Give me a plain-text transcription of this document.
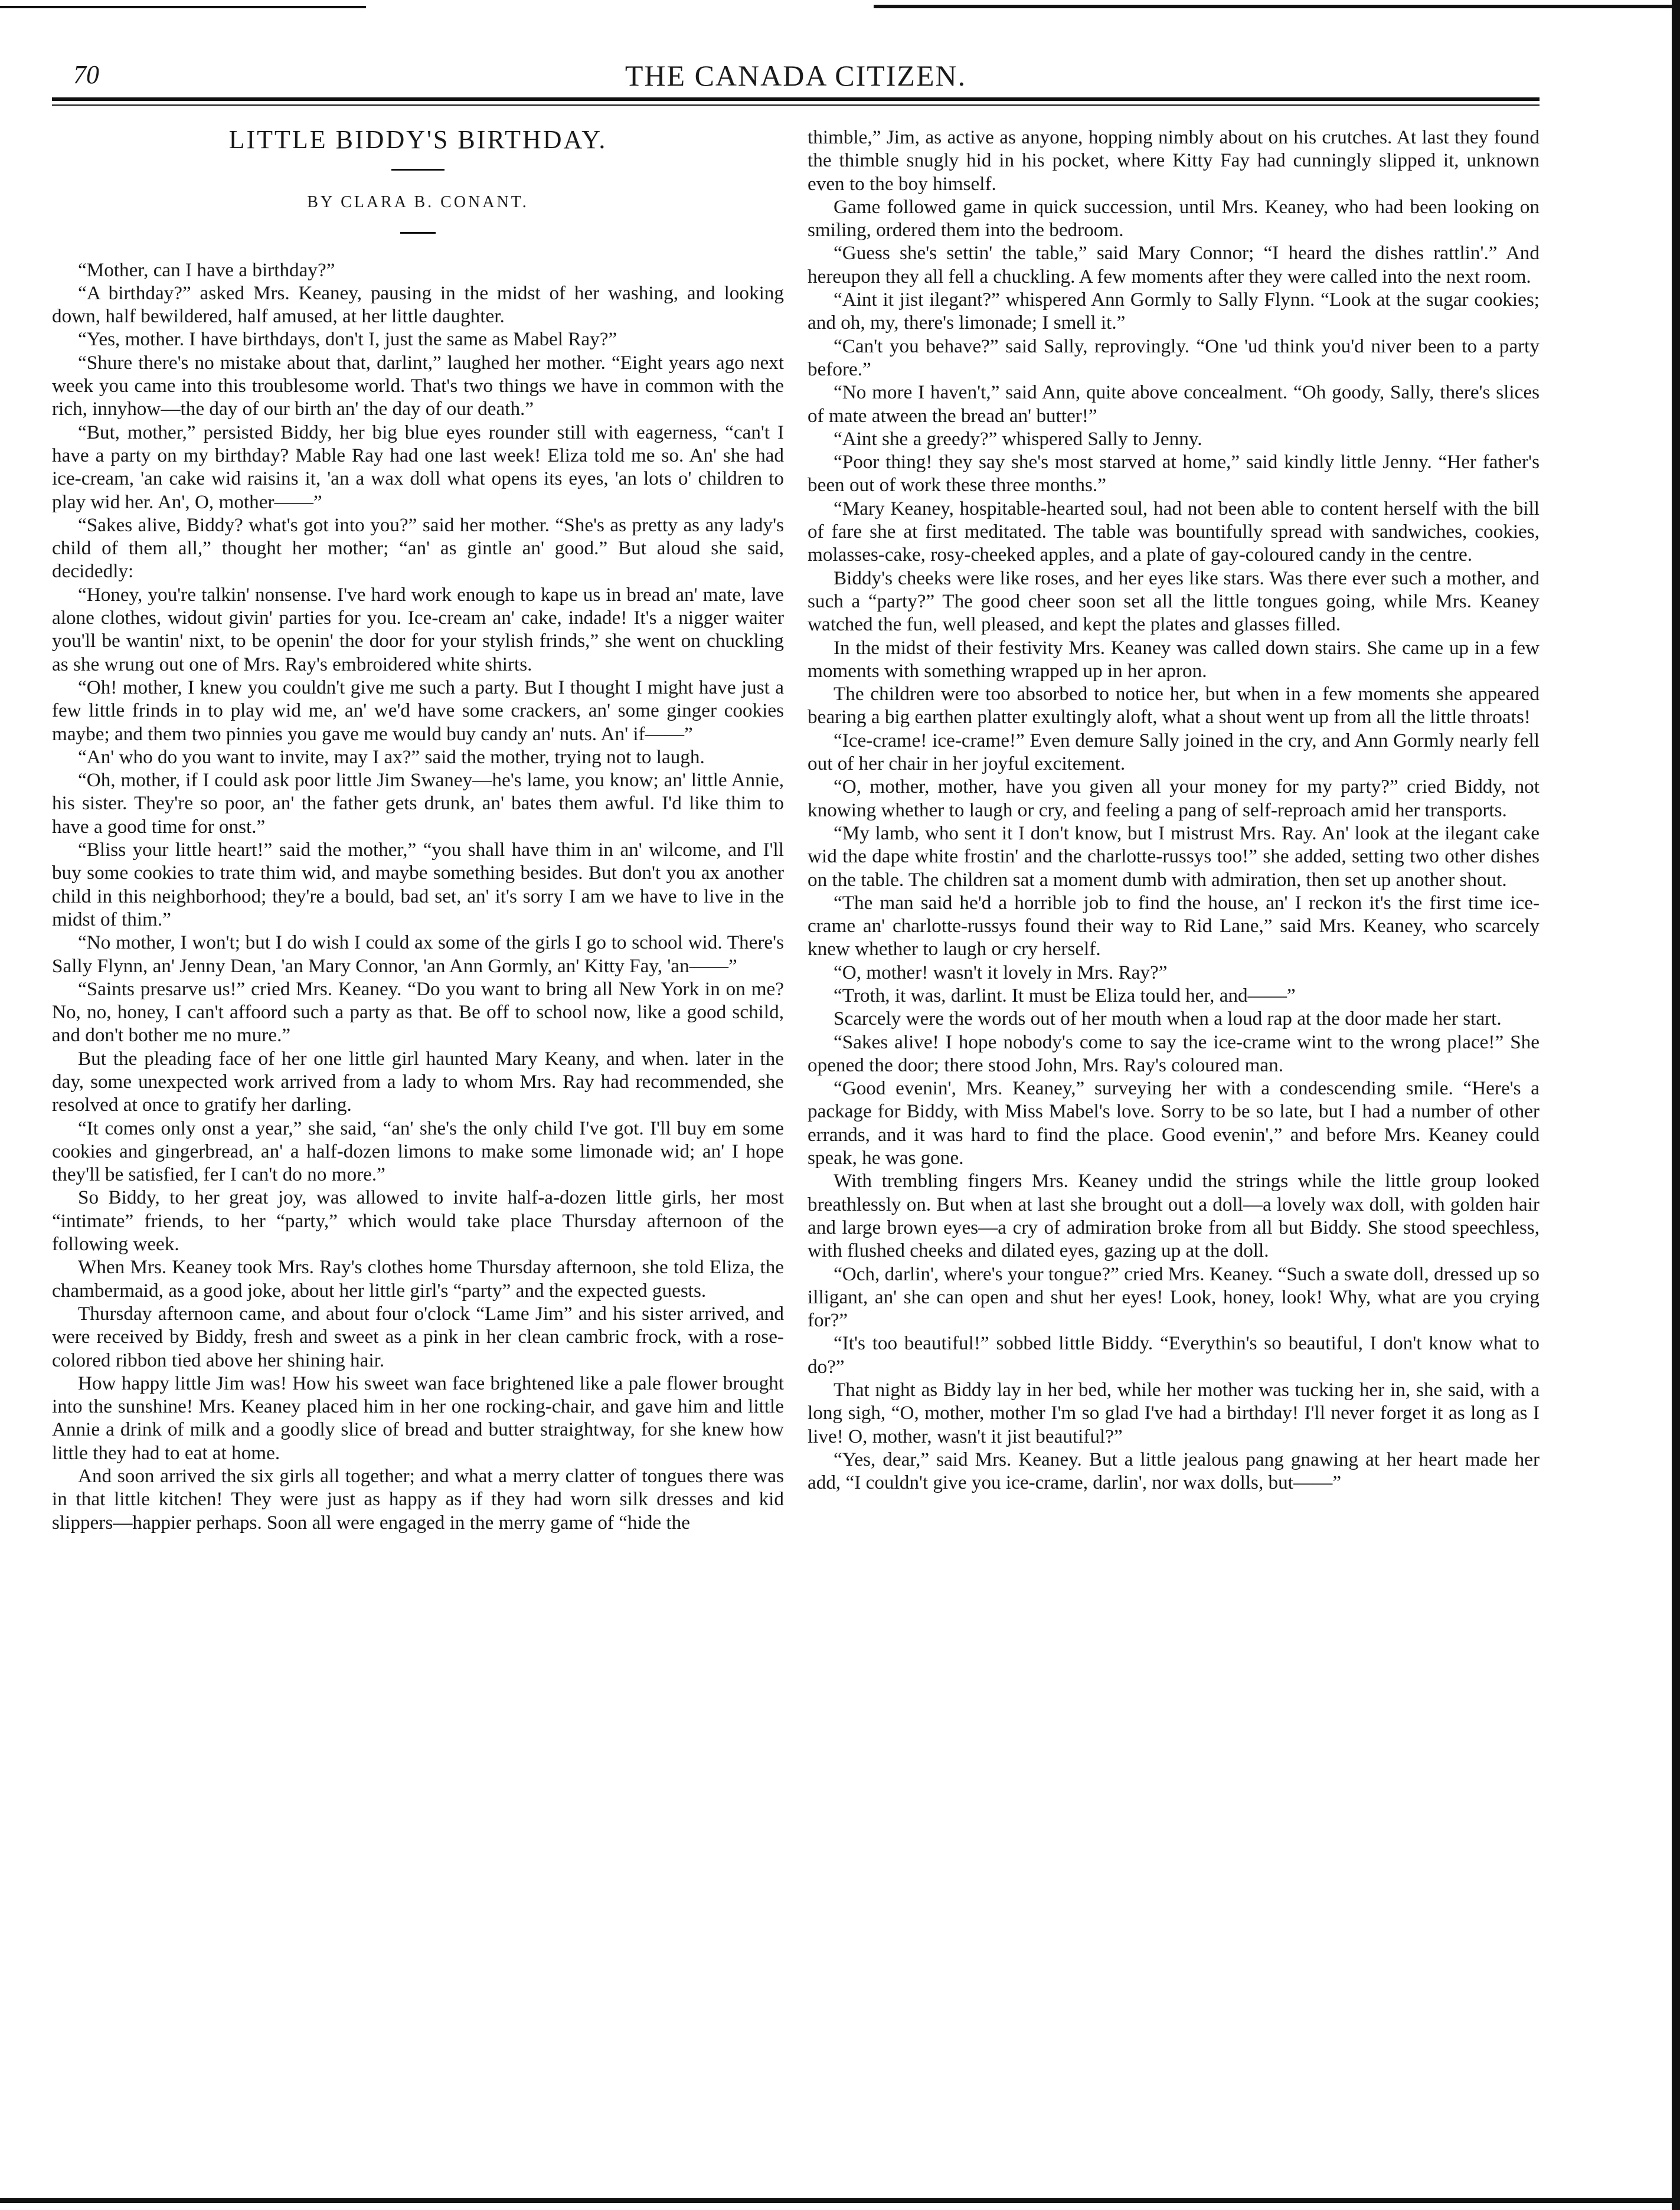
70	THE CANADA CITIZEN.
LITTLE BIDDY'S BIRTHDAY.
BY CLARA B. CONANT.

“Mother, can I have a birthday?”

“A birthday?” asked Mrs. Keaney, pausing in the midst of her washing, and looking down, half bewildered, half amused, at her little daughter.

“Yes, mother. I have birthdays, don't I, just the same as Mabel Ray?”

“Shure there's no mistake about that, darlint,” laughed her mother. “Eight years ago next week you came into this troublesome world. That's two things we have in common with the rich, innyhow—the day of our birth an' the day of our death.”

“But, mother,” persisted Biddy, her big blue eyes rounder still with eagerness, “can't I have a party on my birthday? Mable Ray had one last week! Eliza told me so. An' she had ice-cream, 'an cake wid raisins it, 'an a wax doll what opens its eyes, 'an lots o' children to play wid her. An', O, mother——”

“Sakes alive, Biddy? what's got into you?” said her mother. “She's as pretty as any lady's child of them all,” thought her mother; “an' as gintle an' good.” But aloud she said, decidedly:

“Honey, you're talkin' nonsense. I've hard work enough to kape us in bread an' mate, lave alone clothes, widout givin' parties for you. Ice-cream an' cake, indade! It's a nigger waiter you'll be wantin' nixt, to be openin' the door for your stylish frinds,” she went on chuckling as she wrung out one of Mrs. Ray's embroidered white shirts.

“Oh! mother, I knew you couldn't give me such a party. But I thought I might have just a few little frinds in to play wid me, an' we'd have some crackers, an' some ginger cookies maybe; and them two pinnies you gave me would buy candy an' nuts. An' if——”

“An' who do you want to invite, may I ax?” said the mother, trying not to laugh.

“Oh, mother, if I could ask poor little Jim Swaney—he's lame, you know; an' little Annie, his sister. They're so poor, an' the father gets drunk, an' bates them awful. I'd like thim to have a good time for onst.”

“Bliss your little heart!” said the mother,” “you shall have thim in an' wilcome, and I'll buy some cookies to trate thim wid, and maybe something besides. But don't you ax another child in this neighborhood; they're a bould, bad set, an' it's sorry I am we have to live in the midst of thim.”

“No mother, I won't; but I do wish I could ax some of the girls I go to school wid. There's Sally Flynn, an' Jenny Dean, 'an Mary Connor, 'an Ann Gormly, an' Kitty Fay, 'an——”

“Saints presarve us!” cried Mrs. Keaney. “Do you want to bring all New York in on me? No, no, honey, I can't affoord such a party as that. Be off to school now, like a good schild, and don't bother me no mure.”

But the pleading face of her one little girl haunted Mary Keany, and when. later in the day, some unexpected work arrived from a lady to whom Mrs. Ray had recommended, she resolved at once to gratify her darling.

“It comes only onst a year,” she said, “an' she's the only child I've got. I'll buy em some cookies and gingerbread, an' a half-dozen limons to make some limonade wid; an' I hope they'll be satisfied, fer I can't do no more.”

So Biddy, to her great joy, was allowed to invite half-a-dozen little girls, her most “intimate” friends, to her “party,” which would take place Thursday afternoon of the following week.

When Mrs. Keaney took Mrs. Ray's clothes home Thursday afternoon, she told Eliza, the chambermaid, as a good joke, about her little girl's “party” and the expected guests.

Thursday afternoon came, and about four o'clock “Lame Jim” and his sister arrived, and were received by Biddy, fresh and sweet as a pink in her clean cambric frock, with a rose-colored ribbon tied above her shining hair.

How happy little Jim was! How his sweet wan face brightened like a pale flower brought into the sunshine! Mrs. Keaney placed him in her one rocking-chair, and gave him and little Annie a drink of milk and a goodly slice of bread and butter straightway, for she knew how little they had to eat at home.

And soon arrived the six girls all together; and what a merry clatter of tongues there was in that little kitchen! They were just as happy as if they had worn silk dresses and kid slippers—happier perhaps. Soon all were engaged in the merry game of “hide the

thimble,” Jim, as active as anyone, hopping nimbly about on his crutches. At last they found the thimble snugly hid in his pocket, where Kitty Fay had cunningly slipped it, unknown even to the boy himself.

Game followed game in quick succession, until Mrs. Keaney, who had been looking on smiling, ordered them into the bedroom.

“Guess she's settin' the table,” said Mary Connor; “I heard the dishes rattlin'.” And hereupon they all fell a chuckling. A few moments after they were called into the next room.

“Aint it jist ilegant?” whispered Ann Gormly to Sally Flynn. “Look at the sugar cookies; and oh, my, there's limonade; I smell it.”

“Can't you behave?” said Sally, reprovingly. “One 'ud think you'd niver been to a party before.”

“No more I haven't,” said Ann, quite above concealment. “Oh goody, Sally, there's slices of mate atween the bread an' butter!”

“Aint she a greedy?” whispered Sally to Jenny.

“Poor thing! they say she's most starved at home,” said kindly little Jenny. “Her father's been out of work these three months.”

“Mary Keaney, hospitable-hearted soul, had not been able to content herself with the bill of fare she at first meditated. The table was bountifully spread with sandwiches, cookies, molasses-cake, rosy-cheeked apples, and a plate of gay-coloured candy in the centre.

Biddy's cheeks were like roses, and her eyes like stars. Was there ever such a mother, and such a “party?” The good cheer soon set all the little tongues going, while Mrs. Keaney watched the fun, well pleased, and kept the plates and glasses filled.

In the midst of their festivity Mrs. Keaney was called down stairs. She came up in a few moments with something wrapped up in her apron.

The children were too absorbed to notice her, but when in a few moments she appeared bearing a big earthen platter exultingly aloft, what a shout went up from all the little throats!

“Ice-crame! ice-crame!” Even demure Sally joined in the cry, and Ann Gormly nearly fell out of her chair in her joyful excitement.

“O, mother, mother, have you given all your money for my party?” cried Biddy, not knowing whether to laugh or cry, and feeling a pang of self-reproach amid her transports.

“My lamb, who sent it I don't know, but I mistrust Mrs. Ray. An' look at the ilegant cake wid the dape white frostin' and the charlotte-russys too!” she added, setting two other dishes on the table. The children sat a moment dumb with admiration, then set up another shout.

“The man said he'd a horrible job to find the house, an' I reckon it's the first time ice-crame an' charlotte-russys found their way to Rid Lane,” said Mrs. Keaney, who scarcely knew whether to laugh or cry herself.

“O, mother! wasn't it lovely in Mrs. Ray?”

“Troth, it was, darlint. It must be Eliza tould her, and——”

Scarcely were the words out of her mouth when a loud rap at the door made her start.

“Sakes alive! I hope nobody's come to say the ice-crame wint to the wrong place!” She opened the door; there stood John, Mrs. Ray's coloured man.

“Good evenin', Mrs. Keaney,” surveying her with a condescending smile. “Here's a package for Biddy, with Miss Mabel's love. Sorry to be so late, but I had a number of other errands, and it was hard to find the place. Good evenin',” and before Mrs. Keaney could speak, he was gone.

With trembling fingers Mrs. Keaney undid the strings while the little group looked breathlessly on. But when at last she brought out a doll—a lovely wax doll, with golden hair and large brown eyes—a cry of admiration broke from all but Biddy. She stood speechless, with flushed cheeks and dilated eyes, gazing up at the doll.

“Och, darlin', where's your tongue?” cried Mrs. Keaney. “Such a swate doll, dressed up so illigant, an' she can open and shut her eyes! Look, honey, look! Why, what are you crying for?”

“It's too beautiful!” sobbed little Biddy. “Everythin's so beautiful, I don't know what to do?”

That night as Biddy lay in her bed, while her mother was tucking her in, she said, with a long sigh, “O, mother, mother I'm so glad I've had a birthday! I'll never forget it as long as I live! O, mother, wasn't it jist beautiful?”

“Yes, dear,” said Mrs. Keaney. But a little jealous pang gnawing at her heart made her add, “I couldn't give you ice-crame, darlin', nor wax dolls, but——”
